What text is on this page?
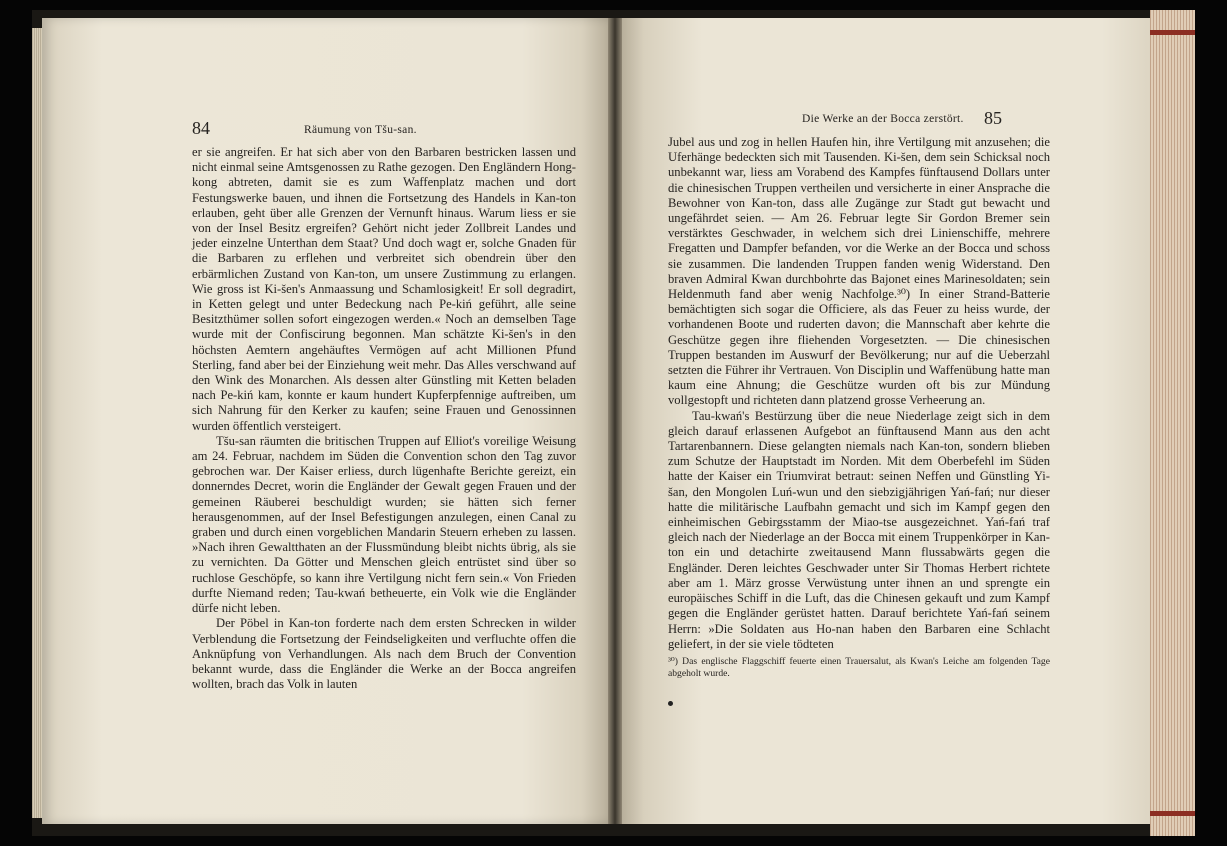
84	Räumung von Tšu-san.

er sie angreifen. Er hat sich aber von den Barbaren bestricken lassen und nicht einmal seine Amtsgenossen zu Rathe gezogen. Den Engländern Hong-kong abtreten, damit sie es zum Waffenplatz machen und dort Festungswerke bauen, und ihnen die Fortsetzung des Handels in Kan-ton erlauben, geht über alle Grenzen der Vernunft hinaus. Warum liess er sie von der Insel Besitz ergreifen? Gehört nicht jeder Zollbreit Landes und jeder einzelne Unterthan dem Staat? Und doch wagt er, solche Gnaden für die Barbaren zu erflehen und verbreitet sich obendrein über den erbärmlichen Zustand von Kan-ton, um unsere Zustimmung zu erlangen. Wie gross ist Ki-šen's Anmaassung und Schamlosigkeit! Er soll degradirt, in Ketten gelegt und unter Bedeckung nach Pe-kiń geführt, alle seine Besitzthümer sollen sofort eingezogen werden.« Noch an demselben Tage wurde mit der Confiscirung begonnen. Man schätzte Ki-šen's in den höchsten Aemtern angehäuftes Vermögen auf acht Millionen Pfund Sterling, fand aber bei der Einziehung weit mehr. Das Alles verschwand auf den Wink des Monarchen. Als dessen alter Günstling mit Ketten beladen nach Pe-kiń kam, konnte er kaum hundert Kupferpfennige auftreiben, um sich Nahrung für den Kerker zu kaufen; seine Frauen und Genossinnen wurden öffentlich versteigert.

Tšu-san räumten die britischen Truppen auf Elliot's voreilige Weisung am 24. Februar, nachdem im Süden die Convention schon den Tag zuvor gebrochen war. Der Kaiser erliess, durch lügenhafte Berichte gereizt, ein donnerndes Decret, worin die Engländer der Gewalt gegen Frauen und der gemeinen Räuberei beschuldigt wurden; sie hätten sich ferner herausgenommen, auf der Insel Befestigungen anzulegen, einen Canal zu graben und durch einen vorgeblichen Mandarin Steuern erheben zu lassen. »Nach ihren Gewaltthaten an der Flussmündung bleibt nichts übrig, als sie zu vernichten. Da Götter und Menschen gleich entrüstet sind über so ruchlose Geschöpfe, so kann ihre Vertilgung nicht fern sein.« Von Frieden durfte Niemand reden; Tau-kwań betheuerte, ein Volk wie die Engländer dürfe nicht leben.

Der Pöbel in Kan-ton forderte nach dem ersten Schrecken in wilder Verblendung die Fortsetzung der Feindseligkeiten und verfluchte offen die Anknüpfung von Verhandlungen. Als nach dem Bruch der Convention bekannt wurde, dass die Engländer die Werke an der Bocca angreifen wollten, brach das Volk in lauten

Die Werke an der Bocca zerstört. 85

Jubel aus und zog in hellen Haufen hin, ihre Vertilgung mit anzusehen; die Uferhänge bedeckten sich mit Tausenden. Ki-šen, dem sein Schicksal noch unbekannt war, liess am Vorabend des Kampfes fünftausend Dollars unter die chinesischen Truppen vertheilen und versicherte in einer Ansprache die Bewohner von Kan-ton, dass alle Zugänge zur Stadt gut bewacht und ungefährdet seien. — Am 26. Februar legte Sir Gordon Bremer sein verstärktes Geschwader, in welchem sich drei Linienschiffe, mehrere Fregatten und Dampfer befanden, vor die Werke an der Bocca und schoss sie zusammen. Die landenden Truppen fanden wenig Widerstand. Den braven Admiral Kwan durchbohrte das Bajonet eines Marinesoldaten; sein Heldenmuth fand aber wenig Nachfolge.³⁰) In einer Strand-Batterie bemächtigten sich sogar die Officiere, als das Feuer zu heiss wurde, der vorhandenen Boote und ruderten davon; die Mannschaft aber kehrte die Geschütze gegen ihre fliehenden Vorgesetzten. — Die chinesischen Truppen bestanden im Auswurf der Bevölkerung; nur auf die Ueberzahl setzten die Führer ihr Vertrauen. Von Disciplin und Waffenübung hatte man kaum eine Ahnung; die Geschütze wurden oft bis zur Mündung vollgestopft und richteten dann platzend grosse Verheerung an.

Tau-kwań's Bestürzung über die neue Niederlage zeigt sich in dem gleich darauf erlassenen Aufgebot an fünftausend Mann aus den acht Tartarenbannern. Diese gelangten niemals nach Kan-ton, sondern blieben zum Schutze der Hauptstadt im Norden. Mit dem Oberbefehl im Süden hatte der Kaiser ein Triumvirat betraut: seinen Neffen und Günstling Yi-šan, den Mongolen Luń-wun und den siebzigjährigen Yań-fań; nur dieser hatte die militärische Laufbahn gemacht und sich im Kampf gegen den einheimischen Gebirgsstamm der Miao-tse ausgezeichnet. Yań-fań traf gleich nach der Niederlage an der Bocca mit einem Truppenkörper in Kan-ton ein und detachirte zweitausend Mann flussabwärts gegen die Engländer. Deren leichtes Geschwader unter Sir Thomas Herbert richtete aber am 1. März grosse Verwüstung unter ihnen an und sprengte ein europäisches Schiff in die Luft, das die Chinesen gekauft und zum Kampf gegen die Engländer gerüstet hatten. Darauf berichtete Yań-fań seinem Herrn: »Die Soldaten aus Ho-nan haben den Barbaren eine Schlacht geliefert, in der sie viele tödteten

³⁰) Das englische Flaggschiff feuerte einen Trauersalut, als Kwan's Leiche am folgenden Tage abgeholt wurde.
